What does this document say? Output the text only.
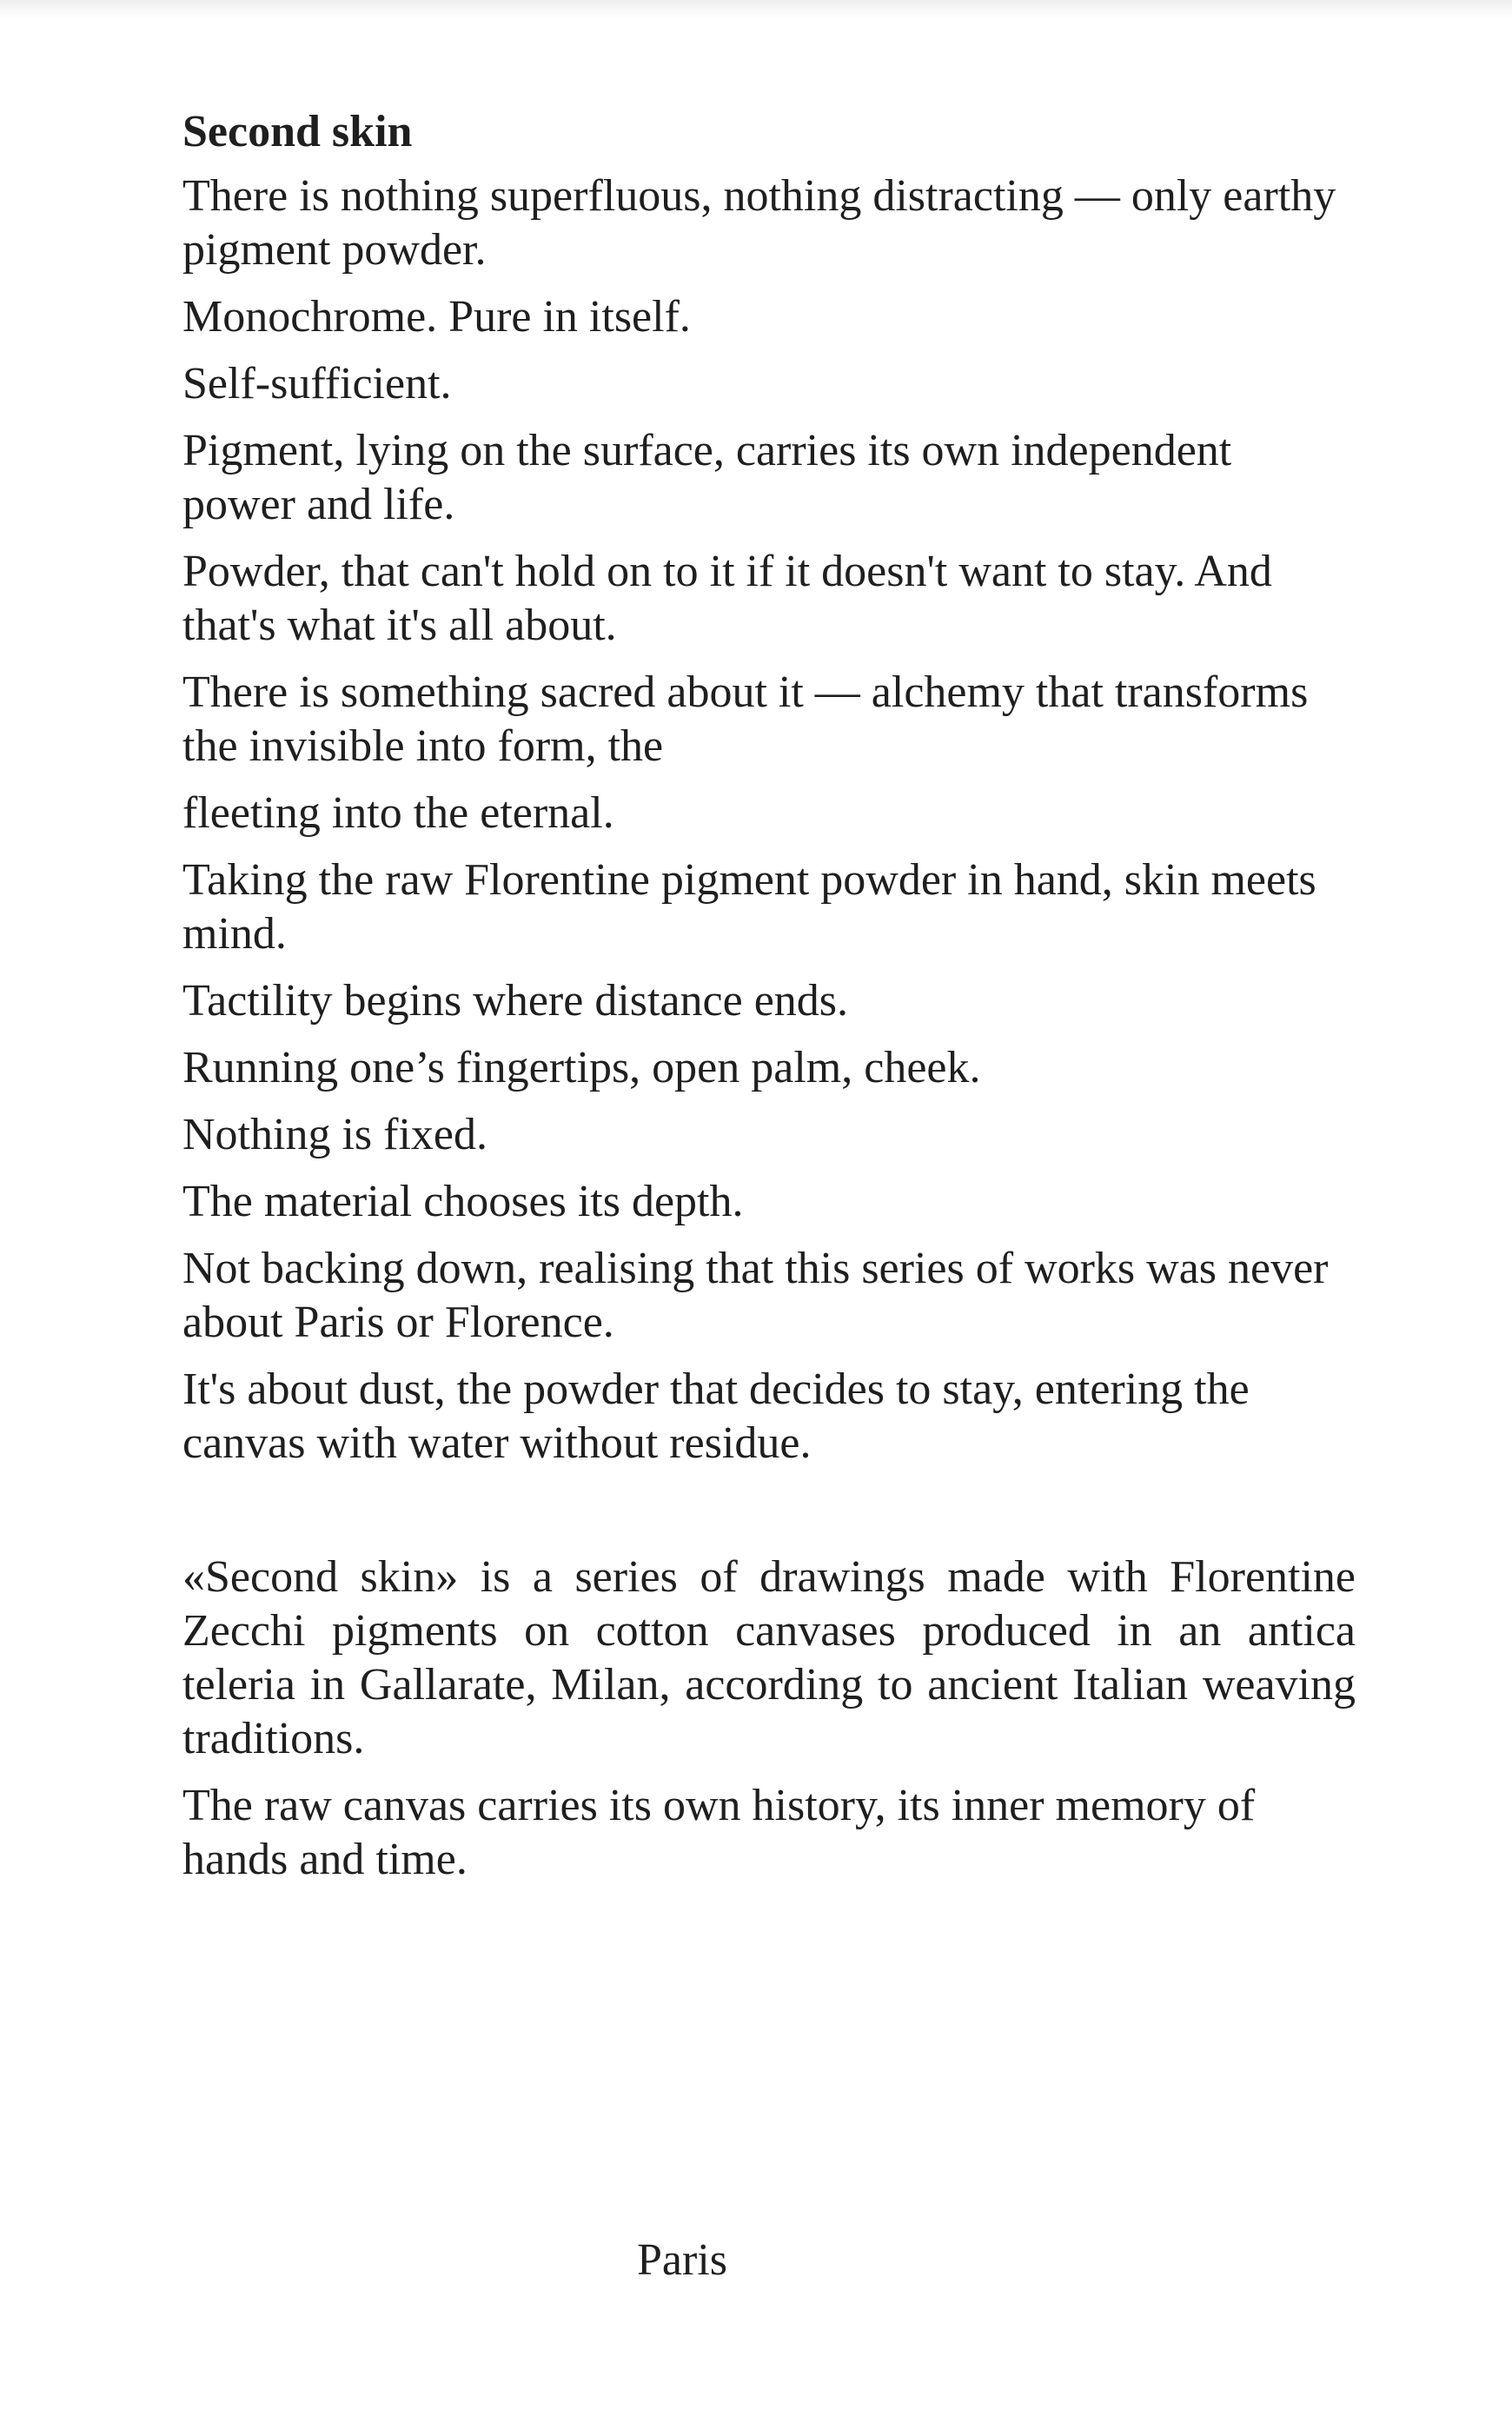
Second skin
There is nothing superfluous, nothing distracting — only earthy pigment powder.
Monochrome. Pure in itself.
Self-sufficient.
Pigment, lying on the surface, carries its own independent power and life.
Powder, that can't hold on to it if it doesn't want to stay. And that's what it's all about.
There is something sacred about it — alchemy that transforms the invisible into form, the
fleeting into the eternal.
Taking the raw Florentine pigment powder in hand, skin meets mind.
Tactility begins where distance ends.
Running one’s fingertips, open palm, cheek.
Nothing is fixed.
The material chooses its depth.
Not backing down, realising that this series of works was never about Paris or Florence.
It's about dust, the powder that decides to stay, entering the canvas with water without residue.
«Second skin» is a series of drawings made with Florentine Zecchi pigments on cotton canvases produced in an antica teleria in Gallarate, Milan, according to ancient Italian weaving traditions.
The raw canvas carries its own history, its inner memory of hands and time.
Paris
